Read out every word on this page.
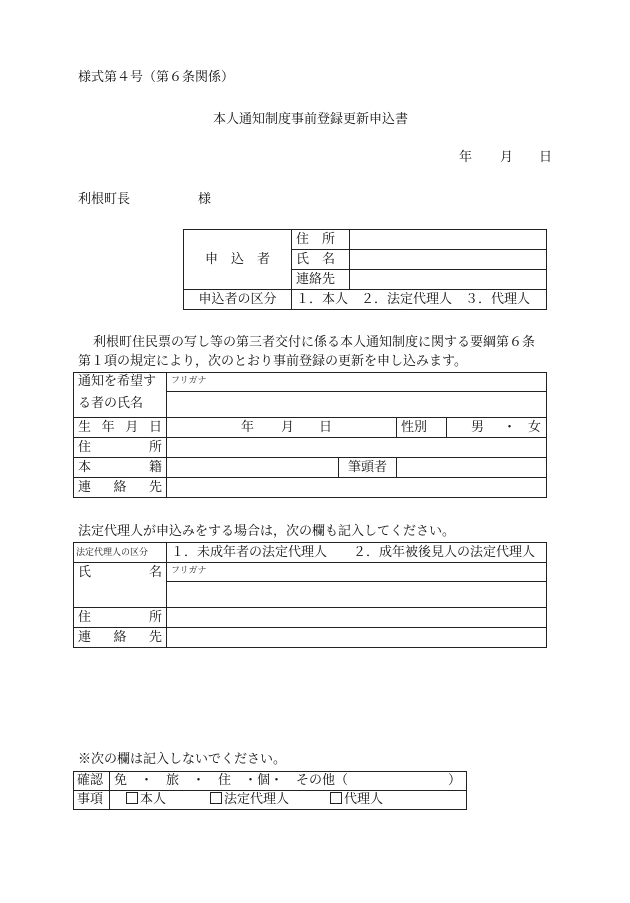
様式第４号（第６条関係）
本人通知制度事前登録更新申込書
年 月 日
利根町長	様
申　込　者	住　所	
	氏　名	
	連絡先	
申込者の区分	１．本人　２．法定代理人　３．代理人	
利根町住民票の写し等の第三者交付に係る本人通知制度に関する要綱第６条
第１項の規定により，次のとおり事前登録の更新を申し込みます。
通知を希望す	フリガナ		
る者の氏名			
生年月日	年 月 日		性別 男 ・ 女

住　所			
本　籍		筆頭者	
連絡先			
法定代理人が申込みをする場合は，次の欄も記入してください。
法定代理人の区分	１．未成年者の法定代理人　　２．成年被後見人の法定代理人
氏　名	フリガナ

住　所	
連絡先	
※次の欄は記入しないでください。
確認	免　・　旅　・　住　・個・　その他（ ）

事項	本人 法定代理人 代理人
